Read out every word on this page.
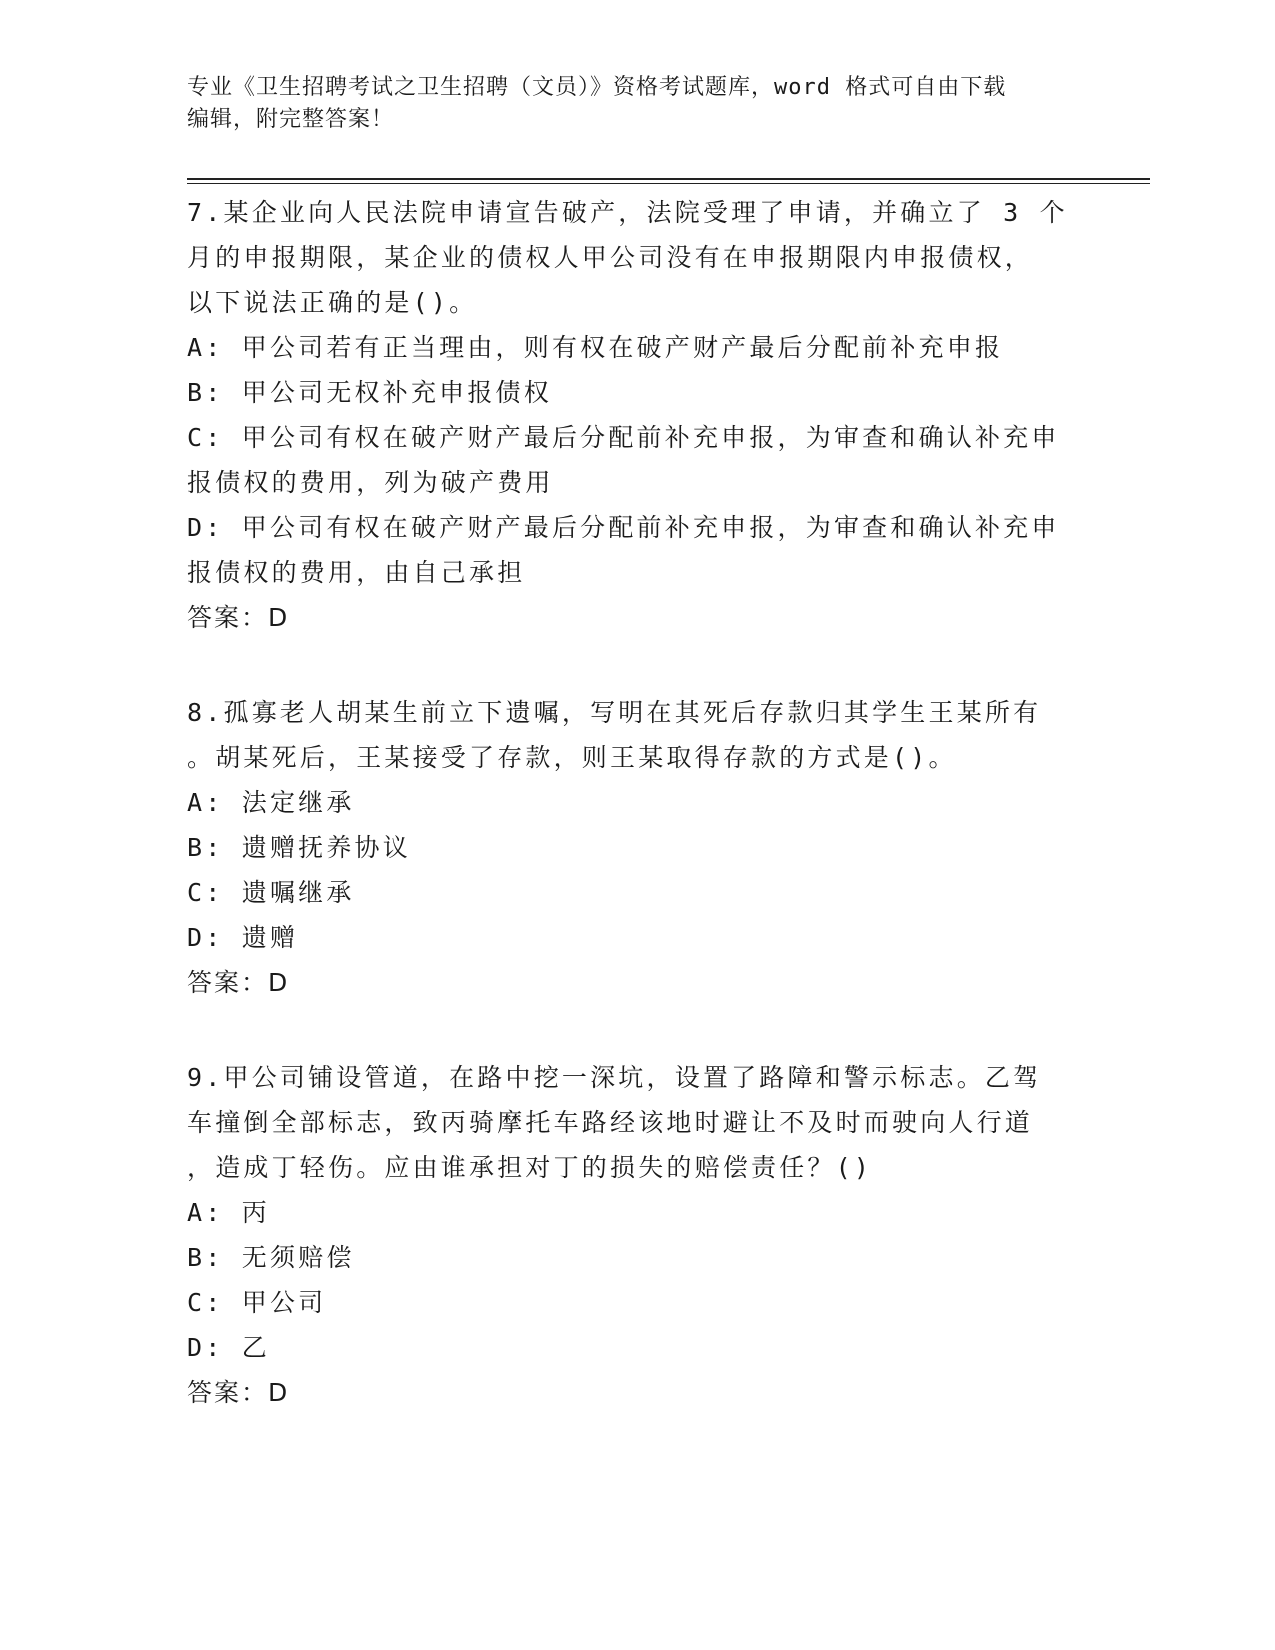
专业《卫生招聘考试之卫生招聘（文员）》资格考试题库，word 格式可自由下载
编辑，附完整答案！
7.某企业向人民法院申请宣告破产，法院受理了申请，并确立了 3 个
月的申报期限，某企业的债权人甲公司没有在申报期限内申报债权，
以下说法正确的是()。
A: 甲公司若有正当理由，则有权在破产财产最后分配前补充申报
B: 甲公司无权补充申报债权
C: 甲公司有权在破产财产最后分配前补充申报，为审查和确认补充申
报债权的费用，列为破产费用
D: 甲公司有权在破产财产最后分配前补充申报，为审查和确认补充申
报债权的费用，由自己承担
答案：D
8.孤寡老人胡某生前立下遗嘱，写明在其死后存款归其学生王某所有
。胡某死后，王某接受了存款，则王某取得存款的方式是()。
A: 法定继承
B: 遗赠抚养协议
C: 遗嘱继承
D: 遗赠
答案：D
9.甲公司铺设管道，在路中挖一深坑，设置了路障和警示标志。乙驾
车撞倒全部标志，致丙骑摩托车路经该地时避让不及时而驶向人行道
，造成丁轻伤。应由谁承担对丁的损失的赔偿责任？()
A: 丙
B: 无须赔偿
C: 甲公司
D: 乙
答案：D
